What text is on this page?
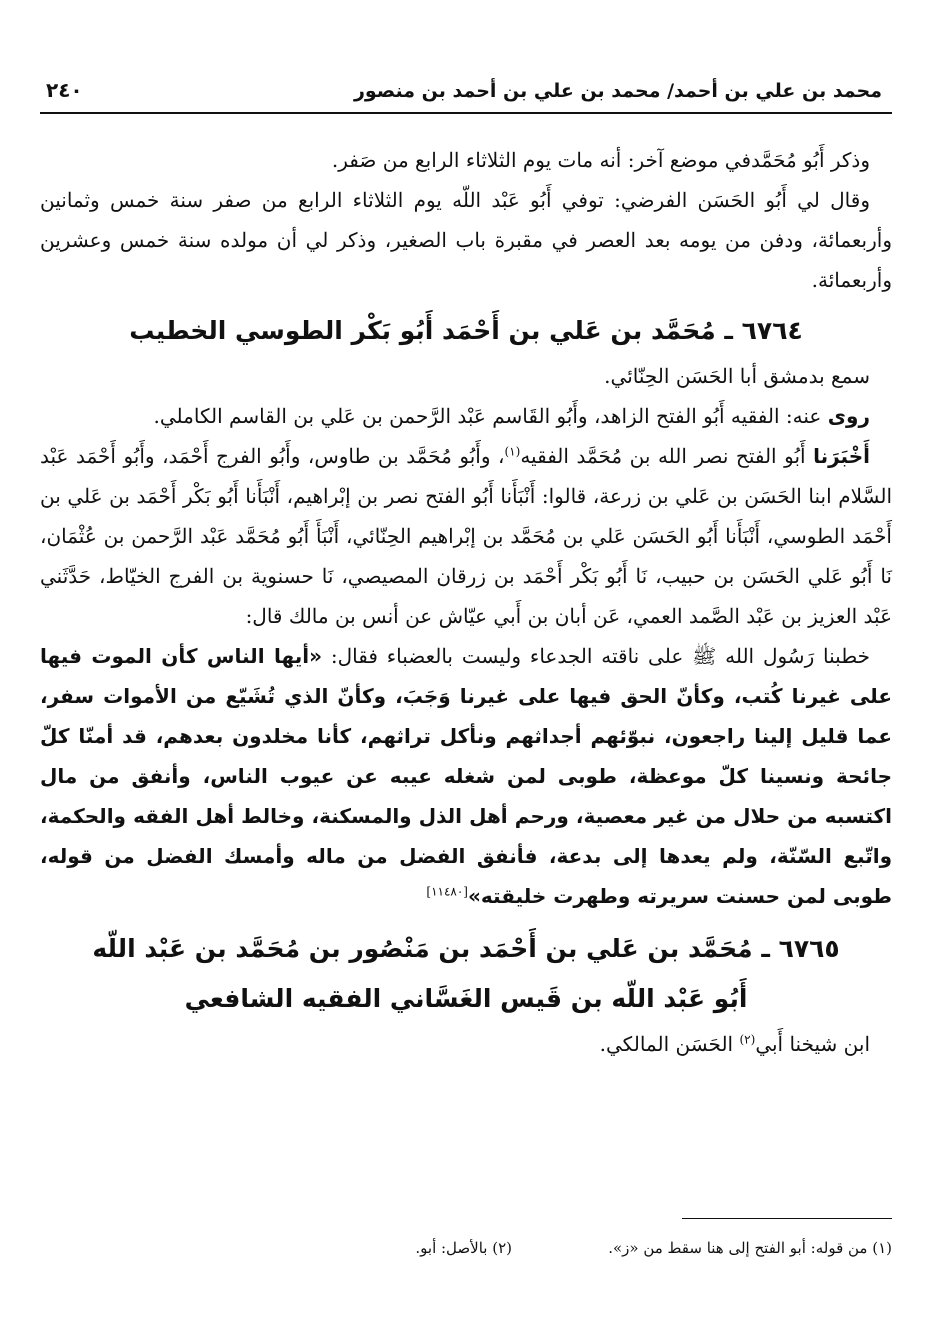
محمد بن علي بن أحمد/ محمد بن علي بن أحمد بن منصور
٢٤٠

وذكر أَبُو مُحَمَّدفي موضع آخر: أنه مات يوم الثلاثاء الرابع من صَفر.

وقال لي أَبُو الحَسَن الفرضي: توفي أَبُو عَبْد اللّه يوم الثلاثاء الرابع من صفر سنة خمس وثمانين وأربعمائة، ودفن من يومه بعد العصر في مقبرة باب الصغير، وذكر لي أن مولده سنة خمس وعشرين وأربعمائة.

٦٧٦٤ ـ مُحَمَّد بن عَلي بن أَحْمَد أَبُو بَكْر الطوسي الخطيب

سمع بدمشق أبا الحَسَن الحِنّائي.

روى عنه: الفقيه أَبُو الفتح الزاهد، وأَبُو القَاسم عَبْد الرَّحمن بن عَلي بن القاسم الكاملي.

أَخْبَرَنا أَبُو الفتح نصر الله بن مُحَمَّد الفقيه$^{(١)}$، وأَبُو مُحَمَّد بن طاوس، وأَبُو الفرج أَحْمَد، وأَبُو أَحْمَد عَبْد السَّلام ابنا الحَسَن بن عَلي بن زرعة، قالوا: أَنْبَأَنا أَبُو الفتح نصر بن إبْراهيم، أَنْبَأَنا أَبُو بَكْر أَحْمَد بن عَلي بن أَحْمَد الطوسي، أَنْبَأَنا أَبُو الحَسَن عَلي بن مُحَمَّد بن إبْراهيم الحِنّائي، أَنْبَأَ أَبُو مُحَمَّد عَبْد الرَّحمن بن عُثْمَان، نَا أَبُو عَلي الحَسَن بن حبيب، نَا أَبُو بَكْر أَحْمَد بن زرقان المصيصي، نَا حسنوية بن الفرج الخيّاط، حَدَّثَني عَبْد العزيز بن عَبْد الصَّمد العمي، عَن أبان بن أَبي عيّاش عن أنس بن مالك قال:

خطبنا رَسُول الله ﷺ على ناقته الجدعاء وليست بالعضباء فقال: «أيها الناس كأن الموت فيها على غيرنا كُتب، وكأنّ الحق فيها على غيرنا وَجَبَ، وكأنّ الذي تُشَيّع من الأموات سفر، عما قليل إلينا راجعون، نبوّئهم أجداثهم ونأكل تراثهم، كأنا مخلدون بعدهم، قد أمنّا كلّ جائحة ونسينا كلّ موعظة، طوبى لمن شغله عيبه عن عيوب الناس، وأنفق من مال اكتسبه من حلال من غير معصية، ورحم أهل الذل والمسكنة، وخالط أهل الفقه والحكمة، واتّبع السّنّة، ولم يعدها إلى بدعة، فأنفق الفضل من ماله وأمسك الفضل من قوله، طوبى لمن حسنت سريرته وطهرت خليقته»[١١٤٨٠]

٦٧٦٥ ـ مُحَمَّد بن عَلي بن أَحْمَد بن مَنْصُور بن مُحَمَّد بن عَبْد اللّه
أَبُو عَبْد اللّه بن قَيس الغَسَّاني الفقيه الشافعي

ابن شيخنا أَبي$^{(٢)}$ الحَسَن المالكي.

(١) من قوله: أبو الفتح إلى هنا سقط من «ز».
(٢) بالأصل: أبو.
